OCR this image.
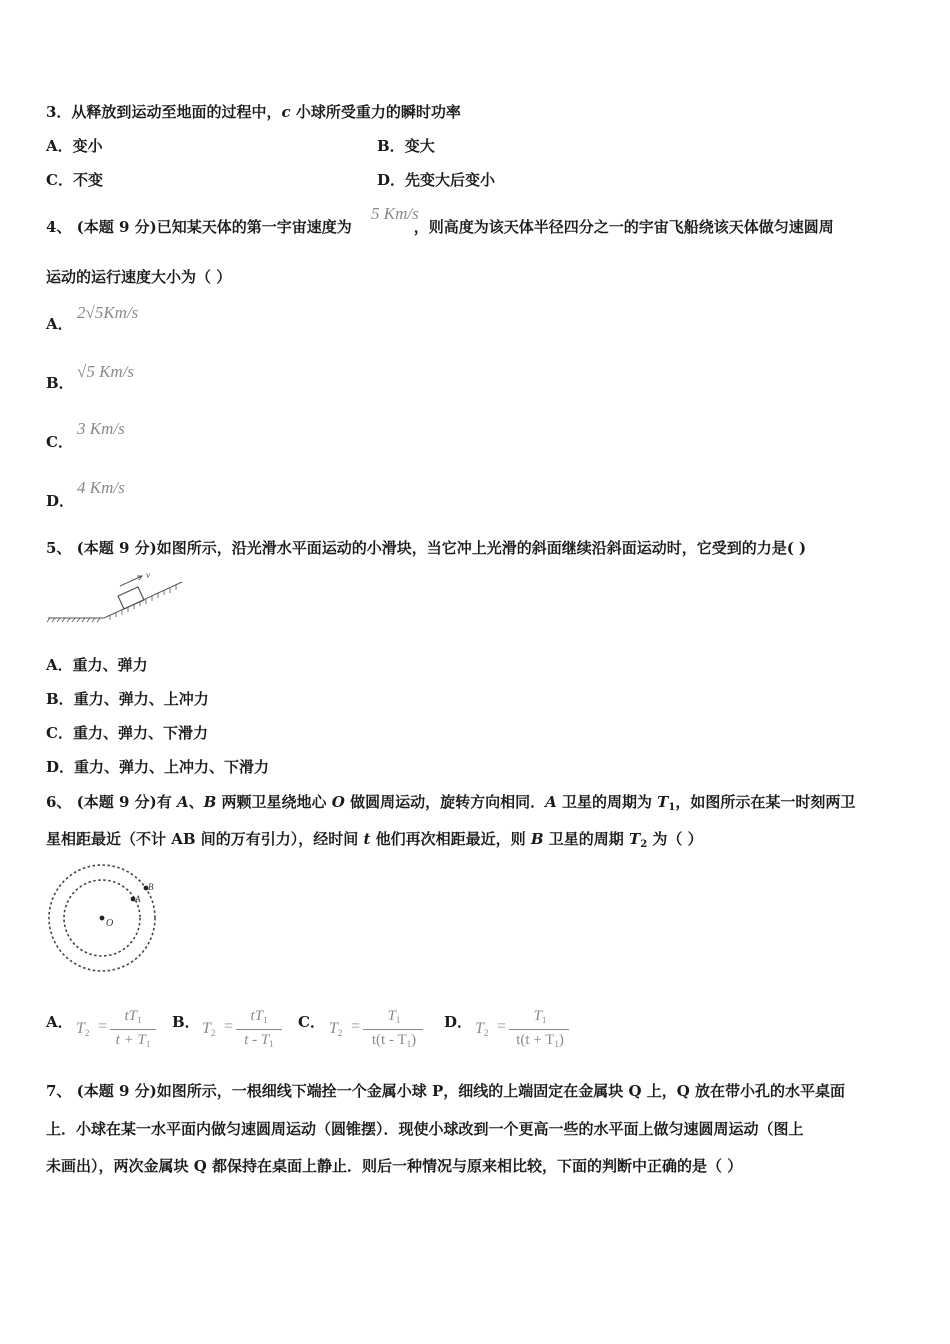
3．从释放到运动至地面的过程中，c 小球所受重力的瞬时功率
A．变小	B．变大
C．不变	D．先变大后变小
4、 (本题 9 分)已知某天体的第一宇宙速度为	，则高度为该天体半径四分之一的宇宙飞船绕该天体做匀速圆周
5 Km/s
运动的运行速度大小为（ ）
A．
2√5Km/s
B．
√5 Km/s
C．
3 Km/s
D．
4 Km/s
5、 (本题 9 分)如图所示，沿光滑水平面运动的小滑块，当它冲上光滑的斜面继续沿斜面运动时，它受到的力是( )
v
A．重力、弹力
B．重力、弹力、上冲力
C．重力、弹力、下滑力
D．重力、弹力、上冲力、下滑力
6、 (本题 9 分)有 A、B 两颗卫星绕地心 O 做圆周运动，旋转方向相同．A 卫星的周期为 $T_1$，如图所示在某一时刻两卫
星相距最近（不计 AB 间的万有引力），经时间 t 他们再次相距最近，则 B 卫星的周期 $T_2$ 为（ ）
B
A
O
A． T2 =
$tT_1$
$t + T_1$
B． T2 =
$tT_1$
t - $T_1$
C． T2 =
$T_1$
$t(t - T_1)$
D． T2 =
$T_1$
$t(t + T_1)$
7、 (本题 9 分)如图所示，一根细线下端拴一个金属小球 P，细线的上端固定在金属块 Q 上，Q 放在带小孔的水平桌面
上．小球在某一水平面内做匀速圆周运动（圆锥摆）．现使小球改到一个更高一些的水平面上做匀速圆周运动（图上
未画出），两次金属块 Q 都保持在桌面上静止．则后一种情况与原来相比较，下面的判断中正确的是（ ）
